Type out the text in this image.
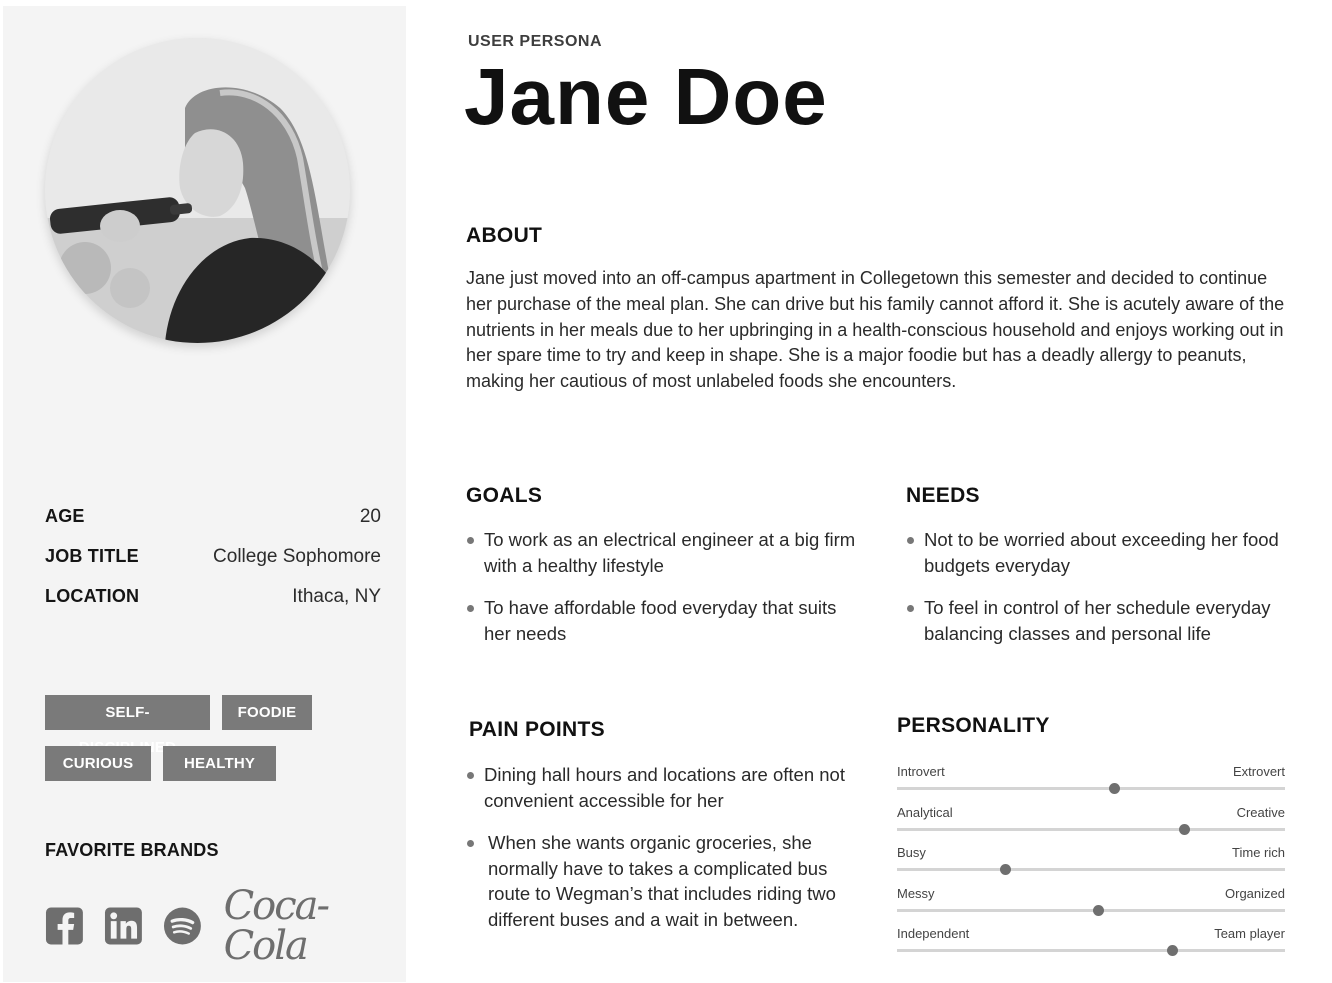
AGE	20
JOB TITLE	College Sophomore
LOCATION	Ithaca, NY
SELF- INED
FOODIE
CURIOUS	HEALTHY
FAVORITE BRANDS
Coca-Cola
USER PERSONA
Jane Doe
ABOUT

Jane just moved into an off-campus apartment in Collegetown this semester and decided to continue her purchase of the meal plan. She can drive but his family cannot afford it. She is acutely aware of the nutrients in her meals due to her upbringing in a health-conscious household and enjoys working out in her spare time to try and keep in shape. She is a major foodie but has a deadly allergy to peanuts, making her cautious of most unlabeled foods she encounters.

GOALS
To work as an electrical engineer at a big firm with a healthy lifestyle
To have affordable food everyday that suits her needs
NEEDS
Not to be worried about exceeding her food budgets everyday
To feel in control of her schedule everyday balancing classes and personal life
PAIN POINTS
Dining hall hours and locations are often not convenient accessible for her
When she wants organic groceries, she normally have to takes a complicated bus route to Wegman’s that includes riding two different buses and a wait in between.
PERSONALITY
Introvert	Extrovert
Analytical	Creative
Busy	Time rich
Messy	Organized
Independent	Team player
